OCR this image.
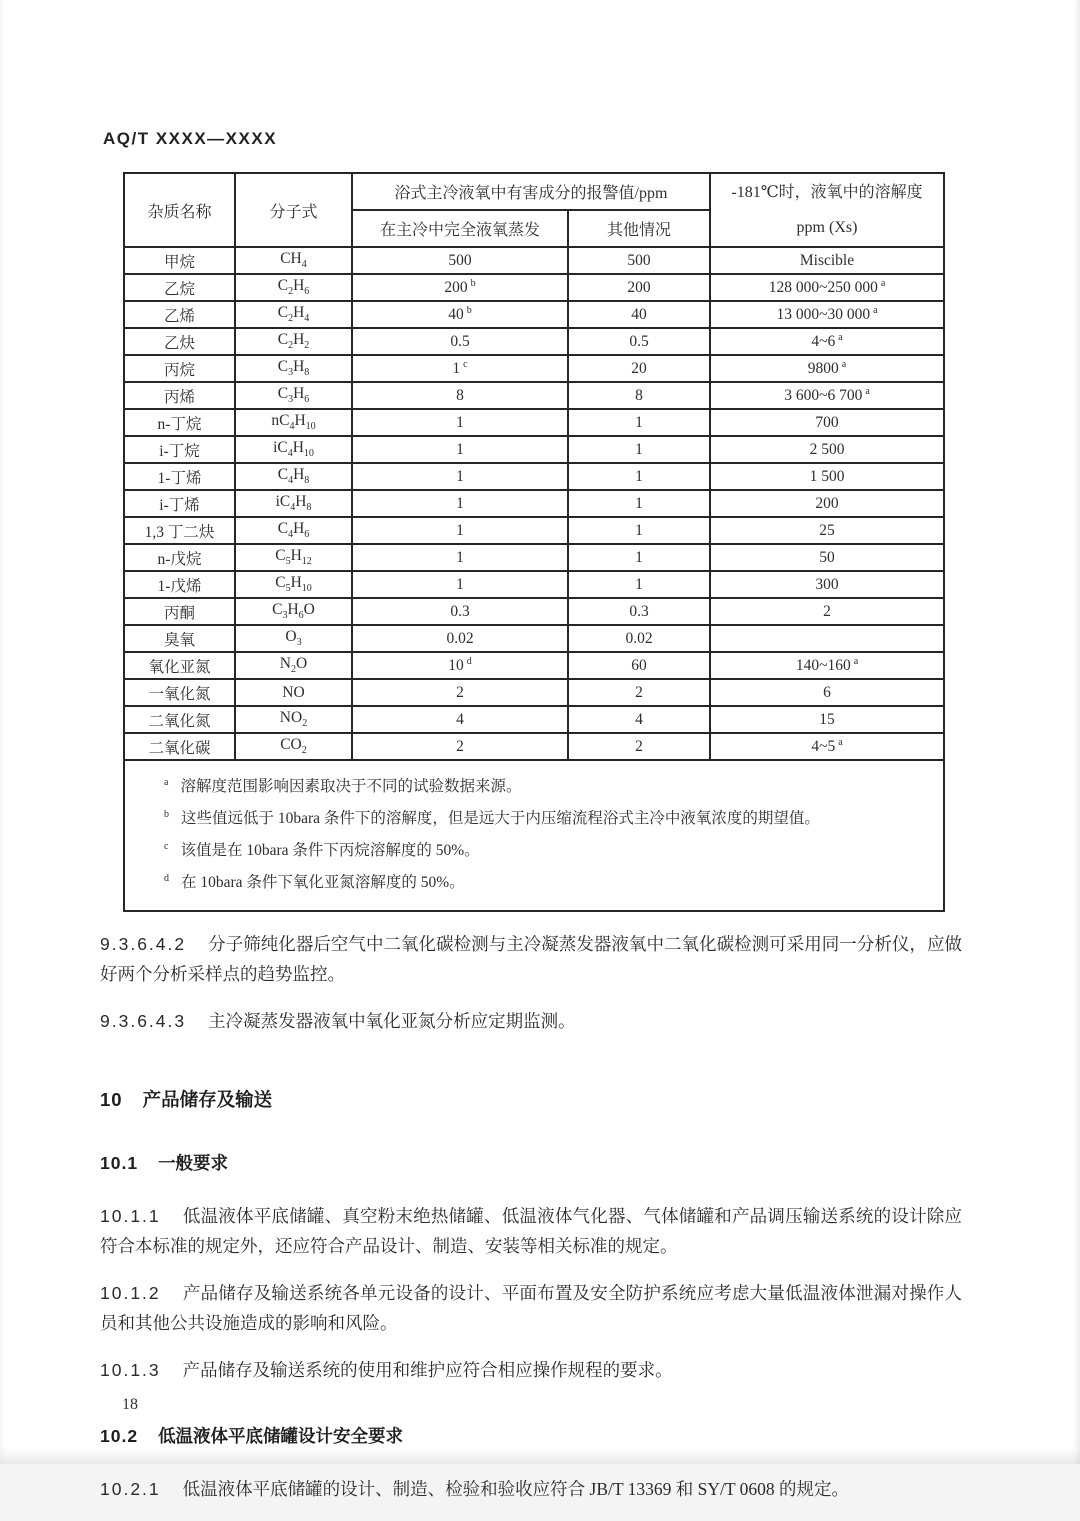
AQ/T XXXX—XXXX
杂质名称	分子式	浴式主冷液氧中有害成分的报警值/ppm		-181℃时，液氧中的溶解度
ppm (Xs)

		在主冷中完全液氧蒸发	其他情况	
甲烷	$CH_4$	500	500	Miscible
乙烷	$C_2H_6$	200 $^b$	200	128 000~250 000 $^a$
乙烯	$C_2H_4$	40 $^b$	40	13 000~30 000 $^a$
乙炔	$C_2H_2$	0.5	0.5	4~6 $^a$
丙烷	$C_3H_8$	1 $^c$	20	9800 $^a$
丙烯	$C_3H_6$	8	8	3 600~6 700 $^a$
n-丁烷	$nC_4H_{10}$	1	1	700
i-丁烷	$iC_4H_{10}$	1	1	2 500
1-丁烯	$C_4H_8$	1	1	1 500
i-丁烯	$iC_4H_8$	1	1	200
1,3 丁二炔	$C_4H_6$	1	1	25
n-戊烷	$C_5H_{12}$	1	1	50
1-戊烯	$C_5H_{10}$	1	1	300
丙酮	$C_3H_6O$	0.3	0.3	2
臭氧	$O_3$	0.02	0.02	
氧化亚氮	$N_2O$	10 $^d$	60	140~160 $^a$
一氧化氮	NO	2	2	6
二氧化氮	$NO_2$	4	4	15
二氧化碳	$CO_2$	2	2	4~5 $^a$

$^a$ 溶解度范围影响因素取决于不同的试验数据来源。
$^b$ 这些值远低于 10bara 条件下的溶解度，但是远大于内压缩流程浴式主冷中液氧浓度的期望值。
$^c$ 该值是在 10bara 条件下丙烷溶解度的 50%。
$^d$ 在 10bara 条件下氧化亚氮溶解度的 50%。				

9.3.6.4.2 分子筛纯化器后空气中二氧化碳检测与主冷凝蒸发器液氧中二氧化碳检测可采用同一分析仪，应做好两个分析采样点的趋势监控。

9.3.6.4.3 主冷凝蒸发器液氧中氧化亚氮分析应定期监测。

10 产品储存及输送
10.1 一般要求

10.1.1 低温液体平底储罐、真空粉末绝热储罐、低温液体气化器、气体储罐和产品调压输送系统的设计除应符合本标准的规定外，还应符合产品设计、制造、安装等相关标准的规定。

10.1.2 产品储存及输送系统各单元设备的设计、平面布置及安全防护系统应考虑大量低温液体泄漏对操作人员和其他公共设施造成的影响和风险。

10.1.3 产品储存及输送系统的使用和维护应符合相应操作规程的要求。

10.2 低温液体平底储罐设计安全要求

10.2.1 低温液体平底储罐的设计、制造、检验和验收应符合 JB/T 13369 和 SY/T 0608 的规定。

18
